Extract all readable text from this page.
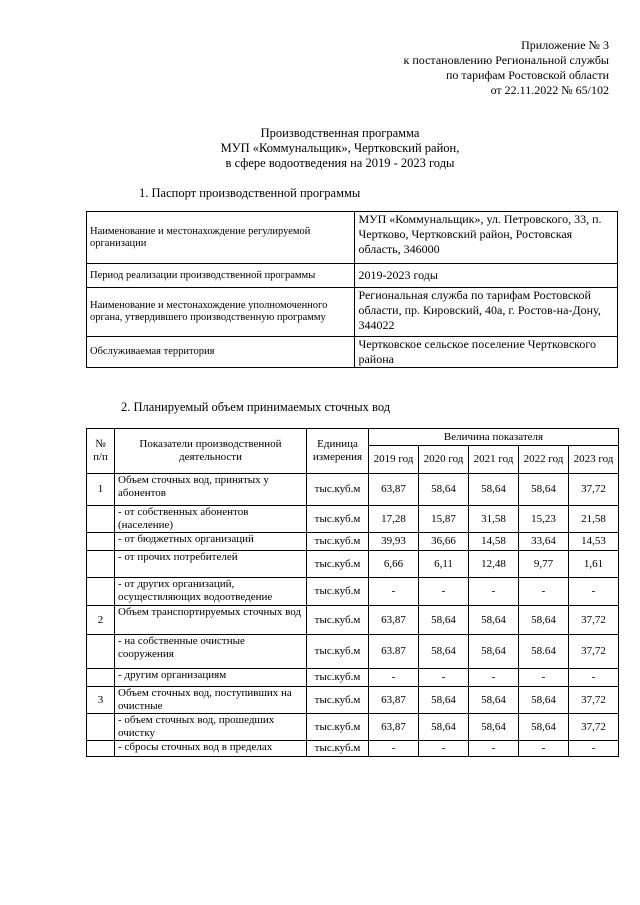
Приложение № 3
к постановлению Региональной службы
по тарифам Ростовской области
от 22.11.2022 № 65/102
Производственная программа
МУП «Коммунальщик», Чертковский район,
в сфере водоотведения на 2019 - 2023 годы
1. Паспорт производственной программы
Наименование и местонахождение регулируемой организации	МУП «Коммунальщик», ул. Петровского, 33, п. Чертково, Чертковский район, Ростовская область, 346000
Период реализации производственной программы	2019-2023 годы
Наименование и местонахождение уполномоченного органа, утвердившего производственную программу	Региональная служба по тарифам Ростовской области, пр. Кировский, 40а, г. Ростов-на-Дону, 344022
Обслуживаемая территория	Чертковское сельское поселение Чертковского района
2. Планируемый объем принимаемых сточных вод
№ п/п	Показатели производственной деятельности	Единица измерения	Величина показателя				
			2019 год	2020 год	2021 год	2022 год	2023 год
1	Объем сточных вод, принятых у абонентов	тыс.куб.м	63,87	58,64	58,64	58,64	37,72
	- от собственных абонентов (население)	тыс.куб.м	17,28	15,87	31,58	15,23	21,58
	- от бюджетных организаций	тыс.куб.м	39,93	36,66	14,58	33,64	14,53
	- от прочих потребителей	тыс.куб.м	6,66	6,11	12,48	9,77	1,61
	- от других организаций, осуществляющих водоотведение	тыс.куб.м	-	-	-	-	-
2	Объем транспортируемых сточных вод	тыс.куб.м	63,87	58,64	58,64	58,64	37,72
	- на собственные очистные сооружения	тыс.куб.м	63.87	58,64	58,64	58.64	37,72
	- другим организациям	тыс.куб.м	-	-	-	-	-
3	Объем сточных вод, поступивших на очистные	тыс.куб.м	63,87	58,64	58,64	58,64	37,72
	- объем сточных вод, прошедших очистку	тыс.куб.м	63,87	58,64	58,64	58,64	37,72
	- сбросы сточных вод в пределах	тыс.куб.м	-	-	-	-	-
